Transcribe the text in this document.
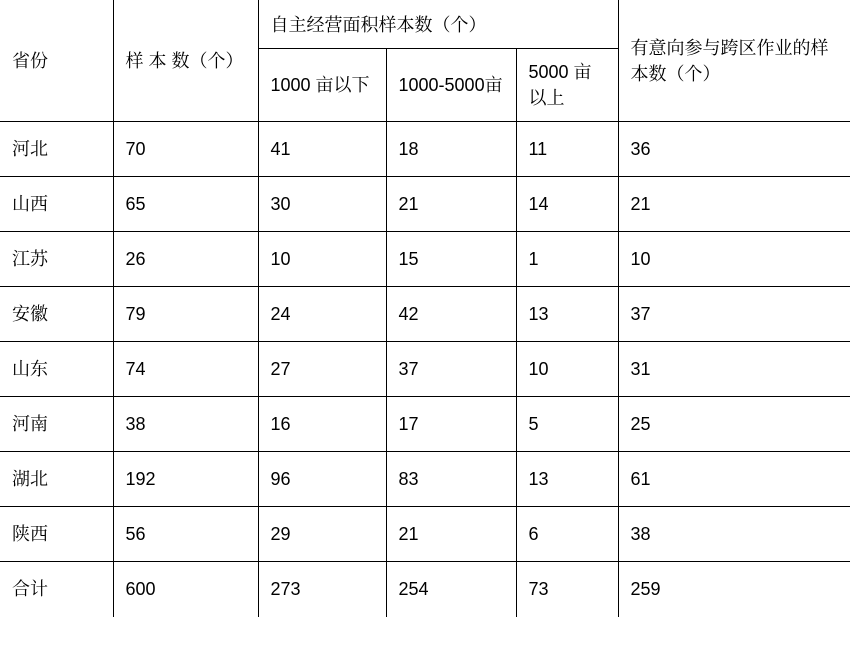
省份	样 本 数（个）	自主经营面积样本数（个）			有意向参与跨区作业的样本数（个）

		1000 亩以下	1000-5000亩	5000 亩以上	

河北	70	41	18	11	36

山西	65	30	21	14	21

江苏	26	10	15	1	10

安徽	79	24	42	13	37

山东	74	27	37	10	31

河南	38	16	17	5	25

湖北	192	96	83	13	61

陕西	56	29	21	6	38

合计	600	273	254	73	259
